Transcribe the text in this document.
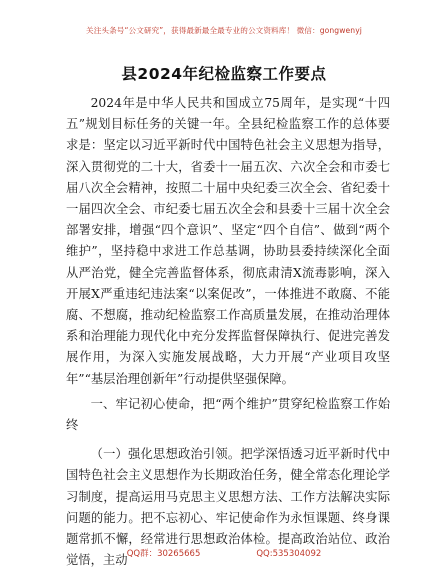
关注头条号“公文研究”，获得最新最全最专业的公文资料库！ 微信：gongwenyj
县2024年纪检监察工作要点

2024年是中华人民共和国成立75周年，是实现“十四五”规划目标任务的关键一年。全县纪检监察工作的总体要求是：坚定以习近平新时代中国特色社会主义思想为指导，深入贯彻党的二十大，省委十一届五次、六次全会和市委七届八次全会精神，按照二十届中央纪委三次全会、省纪委十一届四次全会、市纪委七届五次全会和县委十三届十次全会部署安排，增强“四个意识”、坚定“四个自信”、做到“两个维护”，坚持稳中求进工作总基调，协助县委持续深化全面从严治党，健全完善监督体系，彻底肃清X流毒影响，深入开展X严重违纪违法案“以案促改”，一体推进不敢腐、不能腐、不想腐，推动纪检监察工作高质量发展，在推动治理体系和治理能力现代化中充分发挥监督保障执行、促进完善发展作用，为深入实施发展战略，大力开展“产业项目攻坚年”“基层治理创新年”行动提供坚强保障。

一、牢记初心使命，把“两个维护”贯穿纪检监察工作始终

（一）强化思想政治引领。把学深悟透习近平新时代中国特色社会主义思想作为长期政治任务，健全常态化理论学习制度，提高运用马克思主义思想方法、工作方法解决实际问题的能力。把不忘初心、牢记使命作为永恒课题、终身课题常抓不懈，经常进行思想政治体检。提高政治站位、政治觉悟，主动 QQ群：30265665	QQ:535304092
